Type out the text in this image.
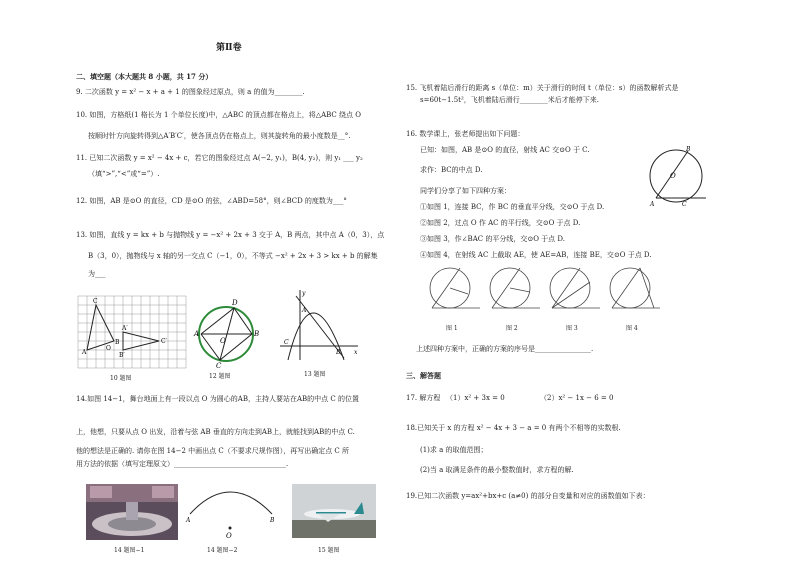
第Ⅱ卷
二、填空题（本大题共 8 小题，共 17 分）
9. 二次函数 y = x² − x + a + 1 的图象经过原点，则 a 的值为________.
10. 如图，方格纸(1 格长为 1 个单位长度)中，△ABC 的顶点都在格点上，将△ABC 绕点 O
按顺时针方向旋转得到△A′B′C′，使各顶点仍在格点上，则其旋转角的最小度数是__°.
11. 已知二次函数 y = x² − 4x + c，若它的图象经过点 A(−2, y₁)，B(4, y₂)，则 y₁ ___ y₂
（填“>”,“<”或“=”）.
12. 如图，AB 是⊙O 的直径，CD 是⊙O 的弦，∠ABD=58°，则∠BCD 的度数为___°
13. 如图，直线 y = kx + b 与抛物线 y = −x² + 2x + 3 交于 A，B 两点，其中点 A（0，3），点
B（3，0），抛物线与 x 轴的另一交点 C（−1，0），不等式 −x² + 2x + 3 > kx + b 的解集
为___
C
A
B
A′
B′
C′
O
A	B
D
C
O
y
x
A
C
B
10 题图	12 题图	13 题图
14.如图 14−1，舞台地面上有一段以点 O 为圆心的AB，主持人要站在AB的中点 C 的位置
上，他想，只要从点 O 出发，沿着与弦 AB 垂直的方向走到AB上，就能找到AB的中点 C.
他的想法是正确的. 请你在图 14−2 中画出点 C（不要求尺规作图），再写出确定点 C 所
用方法的依据（填写定理原文）________________________________.
A	B
O
14 题图−1	14 题图−2	15 题图
15. 飞机着陆后滑行的距离 s（单位：m）关于滑行的时间 t（单位：s）的函数解析式是
s=60t−1.5t²，飞机着陆后滑行________米后才能停下来.
16. 数学课上，张老师提出如下问题：
已知：如图，AB 是⊙O 的直径，射线 AC 交⊙O 于 C.
求作：BC的中点 D.
同学们分享了如下四种方案：
①如图 1，连接 BC，作 BC 的垂直平分线，交⊙O 于点 D.
②如图 2，过点 O 作 AC 的平行线，交⊙O 于点 D.
③如图 3，作∠BAC 的平分线，交⊙O 于点 D.
④如图 4，在射线 AC 上截取 AE，使 AE=AB，连接 BE，交⊙O 于点 D.
O
B
A	C
图 1	图 2	图 3	图 4
上述四种方案中，正确的方案的序号是________________.
三、解答题
17. 解方程 （1）x² + 3x = 0	（2）x² − 1x − 6 = 0
18.已知关于 x 的方程 x² − 4x + 3 − a = 0 有两个不相等的实数根.
(1)求 a 的取值范围；
(2)当 a 取满足条件的最小整数值时，求方程的解.
19.已知二次函数 y=ax²+bx+c (a≠0) 的部分自变量和对应的函数值如下表：
